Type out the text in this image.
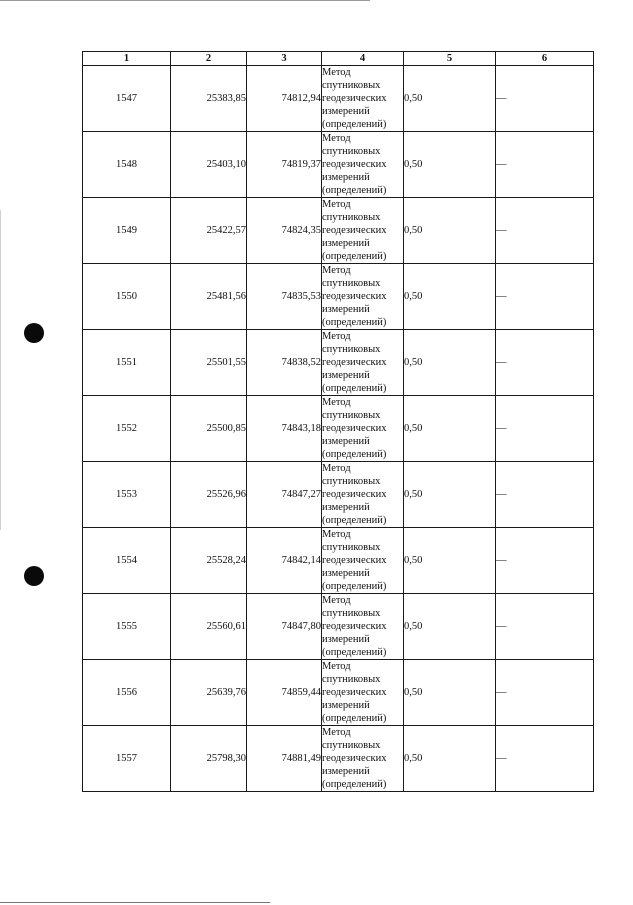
1	2	3	4	5	6
1547	25383,85	74812,94	Метод
спутниковых
геодезических
измерений
(определений)	0,50	—
1548	25403,10	74819,37	Метод
спутниковых
геодезических
измерений
(определений)	0,50	—
1549	25422,57	74824,35	Метод
спутниковых
геодезических
измерений
(определений)	0,50	—
1550	25481,56	74835,53	Метод
спутниковых
геодезических
измерений
(определений)	0,50	—
1551	25501,55	74838,52	Метод
спутниковых
геодезических
измерений
(определений)	0,50	—
1552	25500,85	74843,18	Метод
спутниковых
геодезических
измерений
(определений)	0,50	—
1553	25526,96	74847,27	Метод
спутниковых
геодезических
измерений
(определений)	0,50	—
1554	25528,24	74842,14	Метод
спутниковых
геодезических
измерений
(определений)	0,50	—
1555	25560,61	74847,80	Метод
спутниковых
геодезических
измерений
(определений)	0,50	—
1556	25639,76	74859,44	Метод
спутниковых
геодезических
измерений
(определений)	0,50	—
1557	25798,30	74881,49	Метод
спутниковых
геодезических
измерений
(определений)	0,50	—
